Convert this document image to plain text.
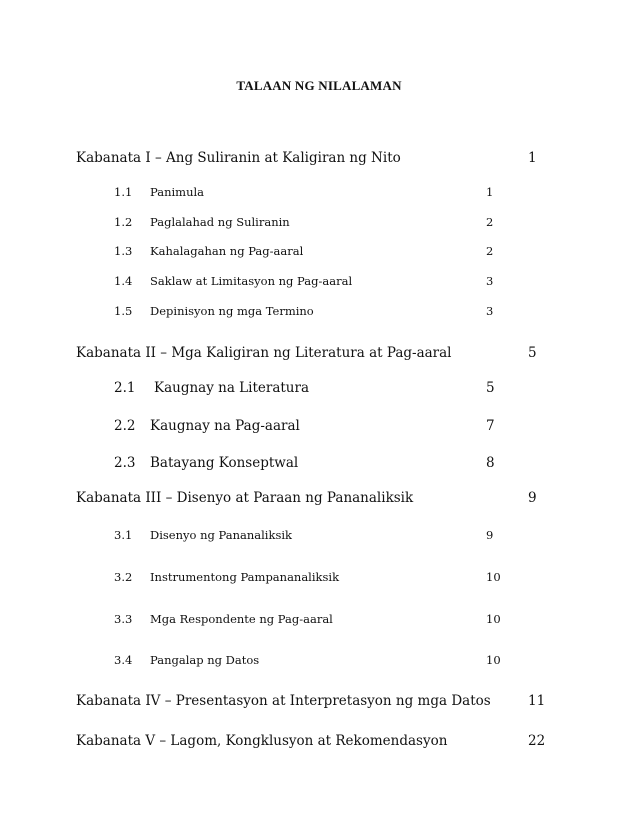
TALAAN NG NILALAMAN
Kabanata I – Ang Suliranin at Kaligiran ng Nito	1
1.1 Panimula	1
1.2 Paglalahad ng Suliranin	2
1.3 Kahalagahan ng Pag-aaral	2
1.4 Saklaw at Limitasyon ng Pag-aaral	3
1.5 Depinisyon ng mga Termino	3
Kabanata II – Mga Kaligiran ng Literatura at Pag-aaral	5
2.1 Kaugnay na Literatura	5
2.2 Kaugnay na Pag-aaral	7
2.3 Batayang Konseptwal	8
Kabanata III – Disenyo at Paraan ng Pananaliksik	9
3.1 Disenyo ng Pananaliksik	9
3.2 Instrumentong Pampananaliksik	10
3.3 Mga Respondente ng Pag-aaral	10
3.4 Pangalap ng Datos	10
Kabanata IV – Presentasyon at Interpretasyon ng mga Datos	11
Kabanata V – Lagom, Kongklusyon at Rekomendasyon	22
